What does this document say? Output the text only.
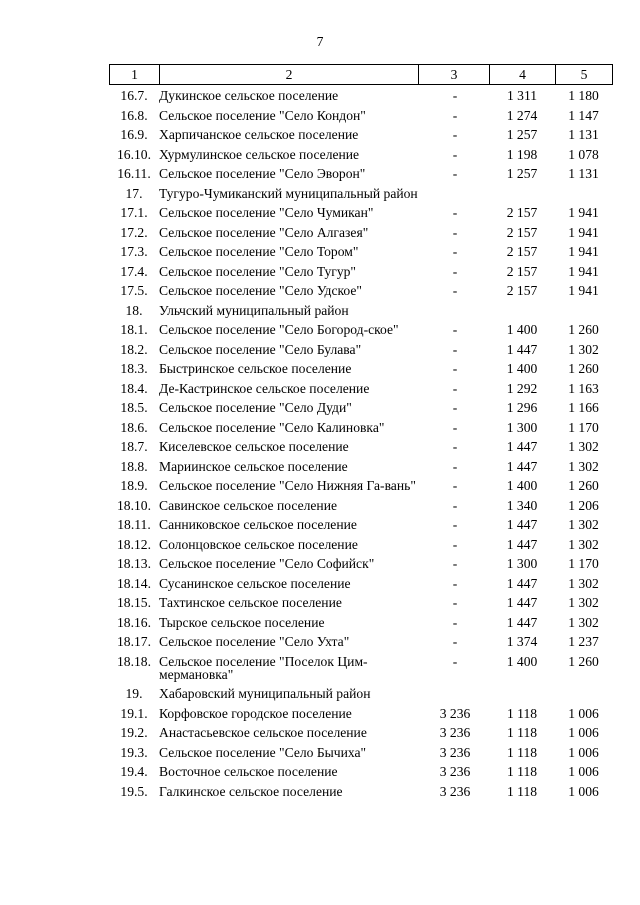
7
1	2	3	4	5
16.7.	Дукинское сельское поселение	-	1 311	1 180
16.8.	Сельское поселение "Село Кондон"	-	1 274	1 147
16.9.	Харпичанское сельское поселение	-	1 257	1 131
16.10.	Хурмулинское сельское поселение	-	1 198	1 078
16.11.	Сельское поселение "Село Эворон"	-	1 257	1 131
17.	Тугуро-Чумиканский муниципальный район			
17.1.	Сельское поселение "Село Чумикан"	-	2 157	1 941
17.2.	Сельское поселение "Село Алгазея"	-	2 157	1 941
17.3.	Сельское поселение "Село Тором"	-	2 157	1 941
17.4.	Сельское поселение "Село Тугур"	-	2 157	1 941
17.5.	Сельское поселение "Село Удское"	-	2 157	1 941
18.	Ульчский муниципальный район			
18.1.	Сельское поселение "Село Богород-ское"	-	1 400	1 260
18.2.	Сельское поселение "Село Булава"	-	1 447	1 302
18.3.	Быстринское сельское поселение	-	1 400	1 260
18.4.	Де-Кастринское сельское поселение	-	1 292	1 163
18.5.	Сельское поселение "Село Дуди"	-	1 296	1 166
18.6.	Сельское поселение "Село Калиновка"	-	1 300	1 170
18.7.	Киселевское сельское поселение	-	1 447	1 302
18.8.	Мариинское сельское поселение	-	1 447	1 302
18.9.	Сельское поселение "Село Нижняя Га-вань"	-	1 400	1 260
18.10.	Савинское сельское поселение	-	1 340	1 206
18.11.	Санниковское сельское поселение	-	1 447	1 302
18.12.	Солонцовское сельское поселение	-	1 447	1 302
18.13.	Сельское поселение "Село Софийск"	-	1 300	1 170
18.14.	Сусанинское сельское поселение	-	1 447	1 302
18.15.	Тахтинское сельское поселение	-	1 447	1 302
18.16.	Тырское сельское поселение	-	1 447	1 302
18.17.	Сельское поселение "Село Ухта"	-	1 374	1 237
18.18.	Сельское поселение "Поселок Цим-мермановка"	-	1 400	1 260
19.	Хабаровский муниципальный район			
19.1.	Корфовское городское поселение	3 236	1 118	1 006
19.2.	Анастасьевское сельское поселение	3 236	1 118	1 006
19.3.	Сельское поселение "Село Бычиха"	3 236	1 118	1 006
19.4.	Восточное сельское поселение	3 236	1 118	1 006
19.5.	Галкинское сельское поселение	3 236	1 118	1 006
